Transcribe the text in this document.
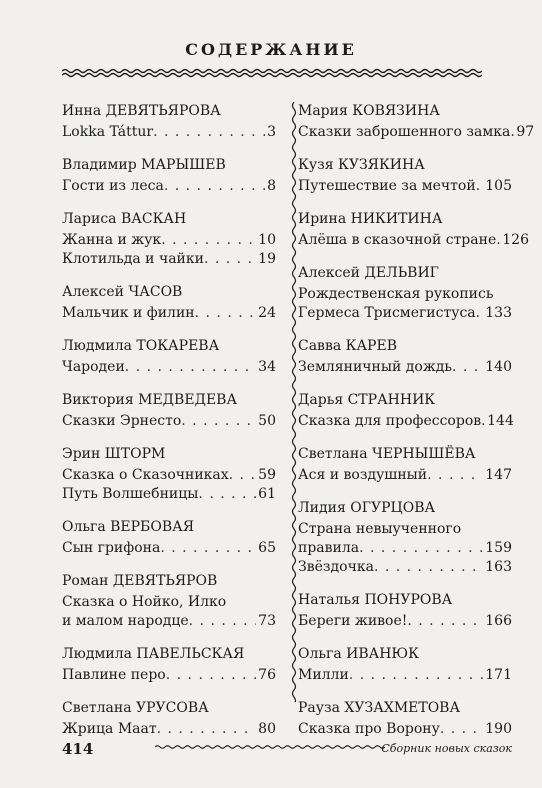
СОДЕРЖАНИЕ
Инна ДЕВЯТЬЯРОВА
Lokka Táttur . . .	3
Владимир МАРЫШЕВ
Гости из леса . . .	8
Лариса ВАСКАН
Жанна и жук . . .	10
Клотильда и чайки . . .	19
Алексей ЧАСОВ
Мальчик и филин . . .	24
Людмила ТОКАРЕВА
Чародеи . . .	34
Виктория МЕДВЕДЕВА
Сказки Эрнесто . . .	50
Эрин ШТОРМ
Сказка о Сказочниках . . . 59
Путь Волшебницы . . .	61
Ольга ВЕРБОВАЯ
Сын грифона . . .	65
Роман ДЕВЯТЬЯРОВ
Сказка о Нойко, Илко
и малом народце . . .	73
Людмила ПАВЕЛЬСКАЯ
Павлине перо . . .	76
Светлана УРУСОВА
Жрица Маат . . .	80
Мария КОВЯЗИНА
Сказки заброшенного замка . . . 97
Кузя КУЗЯКИНА
Путешествие за мечтой . . . 105
Ирина НИКИТИНА
Алёша в сказочной стране . . . 126
Алексей ДЕЛЬВИГ
Рождественская рукопись
Гермеса Трисмегистуса . . . 133
Савва КАРЕВ
Земляничный дождь . . . 140
Дарья СТРАННИК
Сказка для профессоров . . . 144
Светлана ЧЕРНЫШЁВА
Ася и воздушный . . .	147
Лидия ОГУРЦОВА
Страна невыученного
правила . . .	159
Звёздочка . . .	163
Наталья ПОНУРОВА
Береги живое! . . .	166
Ольга ИВАНЮК
Милли . . .	171
Рауза ХУЗАХМЕТОВА
Сказка про Ворону . . .	190
414	Сборник новых сказок
